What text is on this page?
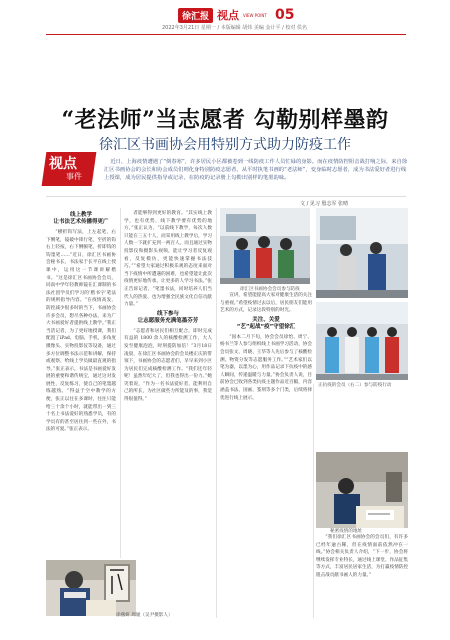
徐汇报 视点 VIEW POINT 05
2022年3月21日 星期一 / 本版编辑 胡炜 美编 金计平 / 校对 佚名
“老法师”当志愿者 勾勒别样墨韵
徐汇区书画协会用特别方式助力防疫工作
视点
事件
近日，上海疫情遭遇了“倒春寒”，许多居民小区都被卷到一线防疫工作人员忙碌的身影。而在疫情防控阻击战打响之际，来自徐汇区书画协会的会长和协会成员们则化身特别防疫志愿者，从平时执笔书画的“老法师”，变身临时志愿者，成为书法爱好者进行线上授课，成为居民提供指导或记录，在防疫的记录册上勾勒出别样的笔墨韵味。
文 / 见习 殷志军 张晴
线上教学
让书法艺术传播得更广

“横折钩写法，上左起笔，右下侧笔，镜破中锋行笔，至折的钩右上轻按，右下侧顿笔，折即钩的钩墨笔……”近日，徐汇区书画协会秘书长、书法家于长平在线上授课中，运用这一节课讲解楷书。“这是徐汇区书画协会会员，同南中学年轻教师镜在汇课制的书法社团学员们学习的‘楷书字’笔法的规则指导内容。“在疫情高发，防控减少很多时的当下，书画协会许多会员，想尽各种办法，来为广大书画爱好者提供线上教学。”我正当活记者，为了更好地授课，我们配置了iPad、电脑、手机，多角度摄像头、实物投影仪等设备，通过多方位调整书法示范和讲解，保持或观察、给线上学员做最直观的指导。”张正表示，书法是书画爱好发展的重要和谐传统宝，通过这对发展性，反复练习，使自己的笔墨越练越熟。“得益于空中教学的方便，张正以往在多课时，往往只能给三十余个小时，就能带出一到三十名上书法爱好的熟悉学员，有的学员有的甚至居住到一些在外，书法的可爱。”张正表示。

者能够得到更好的教育。“其实线上教学，也有优势，线下教学要有优势的地方，”张正认为，“以前线下教学，每次人数只能在三五十人，而采用线上教学后，学习人数一下就扩充到一两百人，而且通过实物投影仪和摄影头视频，能让学习者反复观看，反复模仿，更能快速掌握书法技巧。”“希望大家通过积极乐观的态度来面对当下疫情中所遭遇的困难，也希望能让此次疫情更好地传承，让更多的人学习书法。”张正告诉记者，“笔墨书法，同时培养人们当代人的热爱、也为增强全民族文化自信贡献力量。”

线下参与
让志愿服务充满笔墨芬芳

“志愿者和居民们相互配合，即时完成有益的 1800 余人的核酸检测工作，大人发至健康泡泡，时刻提防加倍！”3月18日凌晨，在徐汇区书画协会的会员楼正庆的带领下，书画协会的志愿者们，早早来到小区为居民们完成核酸检测工作。“我们还年轻呢！虽然年纪大了，但我也得出一份力。”她笑着说，“作为一名书法爱好者，能利用自己的所长，为社区做些力所能及的事，我觉得很值得。”

徐燕妍 周媛（吴尹摄影人）

宣讲，希望能提高大家对健康生活的关注与重视。”希望疫情过去以后，居民朋友们能用艺术的方式，记录这段特别的时光。

关注、关爱
“艺”起战“疫”守望徐汇

“国本二月下旬，协会会员徐怡、周宁、杨书兰等人参与组织线上书画学习活动，协会会员张文、周晓、王华等人先后参与了核酸检测、物资分发等志愿服务工作。”“艺术家们以笔为器，以墨为心，用作品记录下抗疫中的感人瞬间，传递温暖与力量。”协会负责人说，目前协会已收到各类抗疫主题作品近百幅，内容涵盖书法、国画、篆刻等多个门类，后续将择优进行线上展示。

“我们徐汇区书画协会的会员们，有许多已经年逾古稀，但在疫情面前依然冲在一线。”协会相关负责人介绍，“下一步，协会将继续发挥专业特长，通过线上课堂、作品征集等方式，丰富居民居家生活，为打赢疫情防控阻击战贡献书画人的力量。”

徐汇区书画协会会员参与防疫
正抗疫的会员（右二）参与防疫行动
秘密疫情的地址
